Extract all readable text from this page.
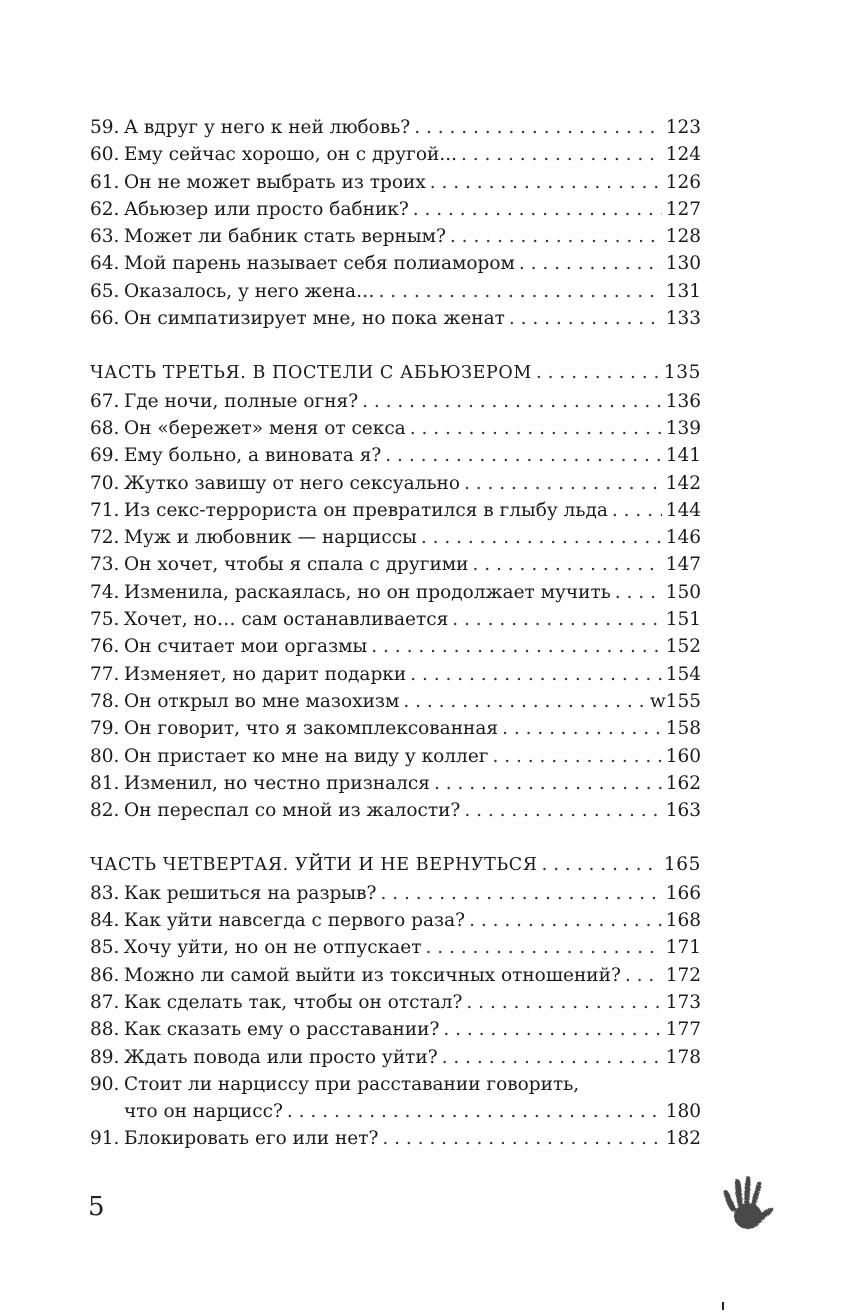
59. А вдруг у него к ней любовь? . . .	123
60. Ему сейчас хорошо, он с другой... . . .	124
61. Он не может выбрать из троих . . .	126
62. Абьюзер или просто бабник? . . .	127
63. Может ли бабник стать верным? . . .	128
64. Мой парень называет себя полиамором . . .	130
65. Оказалось, у него жена… . . .	131
66. Он симпатизирует мне, но пока женат . . .	133
ЧАСТЬ ТРЕТЬЯ. В ПОСТЕЛИ С АБЬЮЗЕРОМ . . .	135
67. Где ночи, полные огня? . . .	136
68. Он «бережет» меня от секса . . .	139
69. Ему больно, а виновата я? . . .	141
70. Жутко завишу от него сексуально . . .	142
71. Из секс-террориста он превратился в глыбу льда . . .	144
72. Муж и любовник — нарциссы . . .	146
73. Он хочет, чтобы я спала с другими . . .	147
74. Изменила, раскаялась, но он продолжает мучить . . .	150
75. Хочет, но… сам останавливается . . .	151
76. Он считает мои оргазмы . . .	152
77. Изменяет, но дарит подарки . . .	154
78. Он открыл во мне мазохизм . . .	w155
79. Он говорит, что я закомплексованная . . .	158
80. Он пристает ко мне на виду у коллег . . .	160
81. Изменил, но честно признался . . .	162
82. Он переспал со мной из жалости? . . .	163
ЧАСТЬ ЧЕТВЕРТАЯ. УЙТИ И НЕ ВЕРНУТЬСЯ . . .	165
83. Как решиться на разрыв? . . .	166
84. Как уйти навсегда с первого раза? . . .	168
85. Хочу уйти, но он не отпускает . . .	171
86. Можно ли самой выйти из токсичных отношений? . . . 172
87. Как сделать так, чтобы он отстал? . . .	173
88. Как сказать ему о расставании? . . .	177
89. Ждать повода или просто уйти? . . .	178
90. Стоит ли нарциссу при расставании говорить,
что он нарцисс? . . .	180
91. Блокировать его или нет? . . .	182
5
